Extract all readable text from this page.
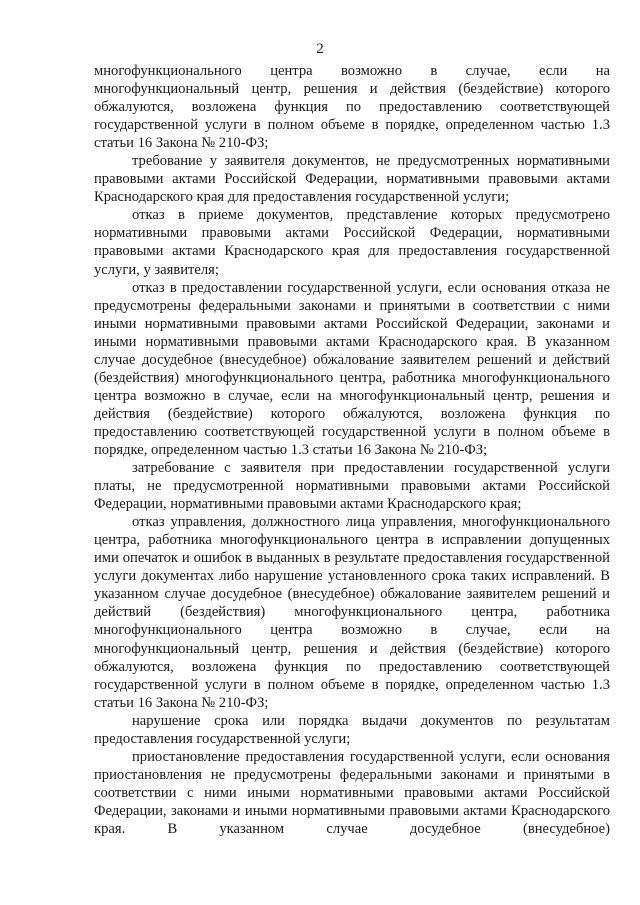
2

многофункционального центра возможно в случае, если на многофункциональный центр, решения и действия (бездействие) которого обжалуются, возложена функция по предоставлению соответствующей государственной услуги в полном объеме в порядке, определенном частью 1.3 статьи 16 Закона № 210-ФЗ;

требование у заявителя документов, не предусмотренных нормативными правовыми актами Российской Федерации, нормативными правовыми актами Краснодарского края для предоставления государственной услуги;

отказ в приеме документов, представление которых предусмотрено нормативными правовыми актами Российской Федерации, нормативными правовыми актами Краснодарского края для предоставления государственной услуги, у заявителя;

отказ в предоставлении государственной услуги, если основания отказа не предусмотрены федеральными законами и принятыми в соответствии с ними иными нормативными правовыми актами Российской Федерации, законами и иными нормативными правовыми актами Краснодарского края. В указанном случае досудебное (внесудебное) обжалование заявителем решений и действий (бездействия) многофункционального центра, работника многофункционального центра возможно в случае, если на многофункциональный центр, решения и действия (бездействие) которого обжалуются, возложена функция по предоставлению соответствующей государственной услуги в полном объеме в порядке, определенном частью 1.3 статьи 16 Закона № 210-ФЗ;

затребование с заявителя при предоставлении государственной услуги платы, не предусмотренной нормативными правовыми актами Российской Федерации, нормативными правовыми актами Краснодарского края;

отказ управления, должностного лица управления, многофункционального центра, работника многофункционального центра в исправлении допущенных ими опечаток и ошибок в выданных в результате предоставления государственной услуги документах либо нарушение установленного срока таких исправлений. В указанном случае досудебное (внесудебное) обжалование заявителем решений и действий (бездействия) многофункционального центра, работника многофункционального центра возможно в случае, если на многофункциональный центр, решения и действия (бездействие) которого обжалуются, возложена функция по предоставлению соответствующей государственной услуги в полном объеме в порядке, определенном частью 1.3 статьи 16 Закона № 210-ФЗ;

нарушение срока или порядка выдачи документов по результатам предоставления государственной услуги;

приостановление предоставления государственной услуги, если основания приостановления не предусмотрены федеральными законами и принятыми в соответствии с ними иными нормативными правовыми актами Российской Федерации, законами и иными нормативными правовыми актами Краснодарского края. В указанном случае досудебное (внесудебное)
